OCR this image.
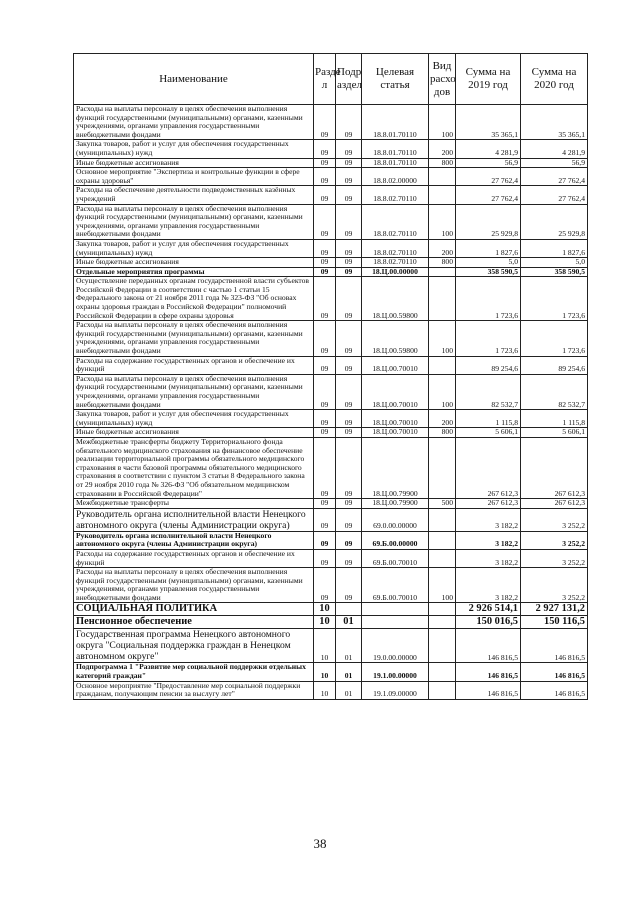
Наименование	Разде л	Подр аздел	Целевая статья	Вид расхо дов	Сумма на 2019 год	Сумма на 2020 год
Расходы на выплаты персоналу в целях обеспечения выполнения функций государственными (муниципальными) органами, казенными учреждениями, органами управления государственными внебюджетными фондами	09	09	18.8.01.70110	100	35 365,1	35 365,1
Закупка товаров, работ и услуг для обеспечения государственных (муниципальных) нужд	09	09	18.8.01.70110	200	4 281,9	4 281,9
Иные бюджетные ассигнования	09	09	18.8.01.70110	800	56,9	56,9
Основное мероприятие "Экспертиза и контрольные функции в сфере охраны здоровья"	09	09	18.8.02.00000		27 762,4	27 762,4
Расходы на обеспечение деятельности подведомственных казённых учреждений	09	09	18.8.02.70110		27 762,4	27 762,4
Расходы на выплаты персоналу в целях обеспечения выполнения функций государственными (муниципальными) органами, казенными учреждениями, органами управления государственными внебюджетными фондами	09	09	18.8.02.70110	100	25 929,8	25 929,8
Закупка товаров, работ и услуг для обеспечения государственных (муниципальных) нужд	09	09	18.8.02.70110	200	1 827,6	1 827,6
Иные бюджетные ассигнования	09	09	18.8.02.70110	800	5,0	5,0
Отдельные мероприятия программы	09	09	18.Ц.00.00000		358 590,5	358 590,5
Осуществление переданных органам государственной власти субъектов Российской Федерации в соответствии с частью 1 статьи 15 Федерального закона от 21 ноября 2011 года № 323-ФЗ "Об основах охраны здоровья граждан в Российской Федерации" полномочий Российской Федерации в сфере охраны здоровья	09	09	18.Ц.00.59800		1 723,6	1 723,6
Расходы на выплаты персоналу в целях обеспечения выполнения функций государственными (муниципальными) органами, казенными учреждениями, органами управления государственными внебюджетными фондами	09	09	18.Ц.00.59800	100	1 723,6	1 723,6
Расходы на содержание государственных органов и обеспечение их функций	09	09	18.Ц.00.70010		89 254,6	89 254,6
Расходы на выплаты персоналу в целях обеспечения выполнения функций государственными (муниципальными) органами, казенными учреждениями, органами управления государственными внебюджетными фондами	09	09	18.Ц.00.70010	100	82 532,7	82 532,7
Закупка товаров, работ и услуг для обеспечения государственных (муниципальных) нужд	09	09	18.Ц.00.70010	200	1 115,8	1 115,8
Иные бюджетные ассигнования	09	09	18.Ц.00.70010	800	5 606,1	5 606,1
Межбюджетные трансферты бюджету Территориального фонда обязательного медицинского страхования на финансовое обеспечение реализации территориальной программы обязательного медицинского страхования в части базовой программы обязательного медицинского страхования в соответствии с пунктом 3 статьи 8 Федерального закона от 29 ноября 2010 года № 326-ФЗ "Об обязательном медицинском страховании в Российской Федерации"	09	09	18.Ц.00.79900		267 612,3	267 612,3
Межбюджетные трансферты	09	09	18.Ц.00.79900	500	267 612,3	267 612,3
Руководитель органа исполнительной власти Ненецкого автономного округа (члены Администрации округа)	09	09	69.0.00.00000		3 182,2	3 252,2
Руководитель органа исполнительной власти Ненецкого автономного округа (члены Администрации округа)	09	09	69.Б.00.00000		3 182,2	3 252,2
Расходы на содержание государственных органов и обеспечение их функций	09	09	69.Б.00.70010		3 182,2	3 252,2
Расходы на выплаты персоналу в целях обеспечения выполнения функций государственными (муниципальными) органами, казенными учреждениями, органами управления государственными внебюджетными фондами	09	09	69.Б.00.70010	100	3 182,2	3 252,2
СОЦИАЛЬНАЯ ПОЛИТИКА	10				2 926 514,1	2 927 131,2
Пенсионное обеспечение	10	01			150 016,5	150 116,5
Государственная программа Ненецкого автономного округа "Социальная поддержка граждан в Ненецком автономном округе"	10	01	19.0.00.00000		146 816,5	146 816,5
Подпрограмма 1 "Развитие мер социальной поддержки отдельных категорий граждан"	10	01	19.1.00.00000		146 816,5	146 816,5
Основное мероприятие "Предоставление мер социальной поддержки гражданам, получающим пенсии за выслугу лет"	10	01	19.1.09.00000		146 816,5	146 816,5
38
